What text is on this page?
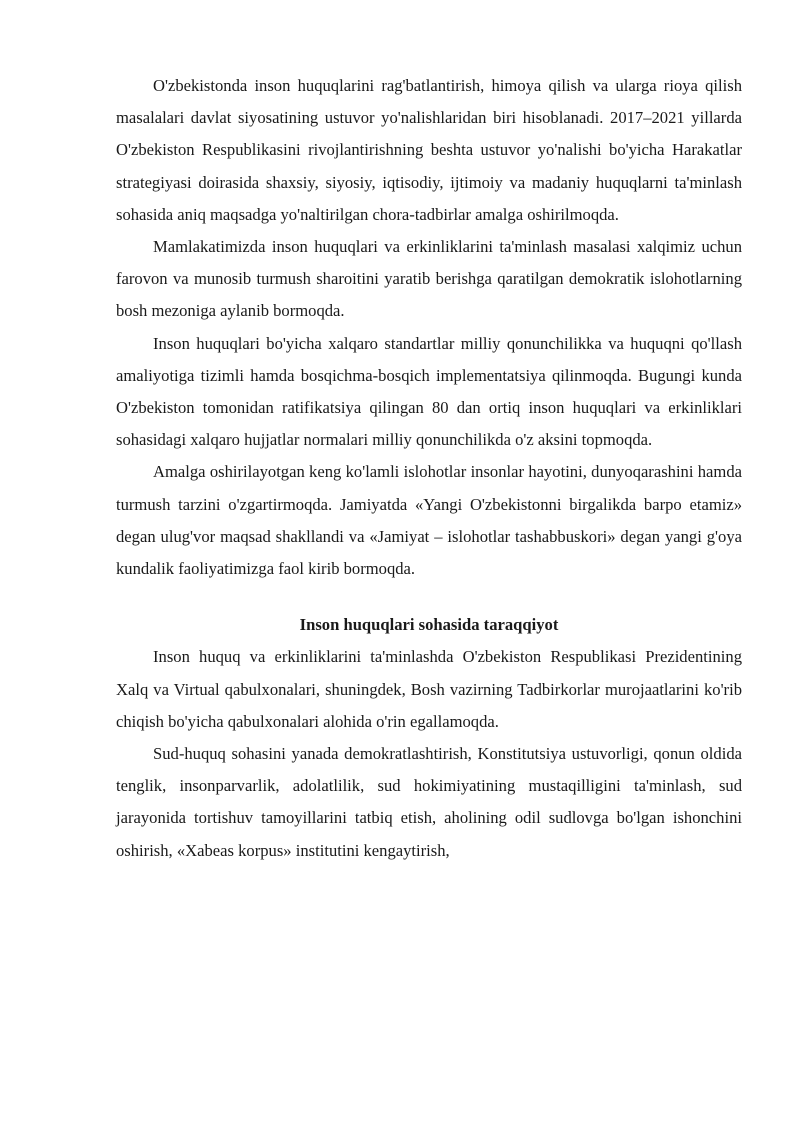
O'zbekistonda inson huquqlarini rag'batlantirish, himoya qilish va ularga rioya qilish masalalari davlat siyosatining ustuvor yo'nalishlaridan biri hisoblanadi. 2017–2021 yillarda O'zbekiston Respublikasini rivojlantirishning beshta ustuvor yo'nalishi bo'yicha Harakatlar strategiyasi doirasida shaxsiy, siyosiy, iqtisodiy, ijtimoiy va madaniy huquqlarni ta'minlash sohasida aniq maqsadga yo'naltirilgan chora-tadbirlar amalga oshirilmoqda.

Mamlakatimizda inson huquqlari va erkinliklarini ta'minlash masalasi xalqimiz uchun farovon va munosib turmush sharoitini yaratib berishga qaratilgan demokratik islohotlarning bosh mezoniga aylanib bormoqda.

Inson huquqlari bo'yicha xalqaro standartlar milliy qonunchilikka va huquqni qo'llash amaliyotiga tizimli hamda bosqichma-bosqich implementatsiya qilinmoqda. Bugungi kunda O'zbekiston tomonidan ratifikatsiya qilingan 80 dan ortiq inson huquqlari va erkinliklari sohasidagi xalqaro hujjatlar normalari milliy qonunchilikda o'z aksini topmoqda.

Amalga oshirilayotgan keng ko'lamli islohotlar insonlar hayotini, dunyoqarashini hamda turmush tarzini o'zgartirmoqda. Jamiyatda «Yangi O'zbekistonni birgalikda barpo etamiz» degan ulug'vor maqsad shakllandi va «Jamiyat – islohotlar tashabbuskori» degan yangi g'oya kundalik faoliyatimizga faol kirib bormoqda.

Inson huquqlari sohasida taraqqiyot

Inson huquq va erkinliklarini ta'minlashda O'zbekiston Respublikasi Prezidentining Xalq va Virtual qabulxonalari, shuningdek, Bosh vazirning Tadbirkorlar murojaatlarini ko'rib chiqish bo'yicha qabulxonalari alohida o'rin egallamoqda.

Sud-huquq sohasini yanada demokratlashtirish, Konstitutsiya ustuvorligi, qonun oldida tenglik, insonparvarlik, adolatlilik, sud hokimiyatining mustaqilligini ta'minlash, sud jarayonida tortishuv tamoyillarini tatbiq etish, aholining odil sudlovga bo'lgan ishonchini oshirish, «Xabeas korpus» institutini kengaytirish,
